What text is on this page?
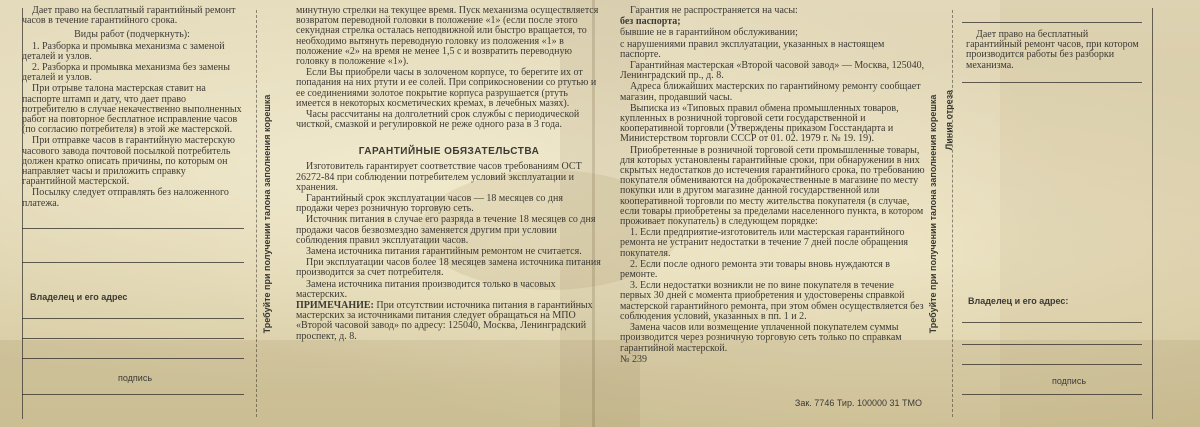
Дает право на бесплатный гарантийный ремонт часов в течение гарантийного срока.

Виды работ (подчеркнуть):

1. Разборка и промывка механизма с заменой деталей и узлов.

2. Разборка и промывка механизма без замены деталей и узлов.

При отрыве талона мастерская ставит на паспорте штамп и дату, что дает право потребителю в случае некачественно выполненных работ на повторное бесплатное исправление часов (по согласию потребителя) в этой же мастерской.

При отправке часов в гарантийную мастерскую часового завода почтовой посылкой потребитель должен кратко описать причины, по которым он направляет часы и приложить справку гарантийной мастерской.

Посылку следует отправлять без наложенного платежа.

Владелец и его адрес
подпись
Требуйте при получении талона заполнения корешка

минутную стрелки на текущее время. Пуск механизма осуществляется возвратом переводной головки в положение «1» (если после этого секундная стрелка осталась неподвижной или быстро вращается, то необходимо вытянуть переводную головку из положения «1» в положение «2» на время не менее 1,5 с и возвратить переводную головку в положение «1»).

Если Вы приобрели часы в золоченом корпусе, то берегите их от попадания на них ртути и ее солей. При соприкосновении со ртутью и ее соединениями золотое покрытие корпуса разрушается (ртуть имеется в некоторых косметических кремах, в лечебных мазях).

Часы рассчитаны на долголетний срок службы с периодической чисткой, смазкой и регулировкой не реже одного раза в 3 года.

ГАРАНТИЙНЫЕ ОБЯЗАТЕЛЬСТВА

Изготовитель гарантирует соответствие часов требованиям ОСТ 26272-84 при соблюдении потребителем условий эксплуатации и хранения.

Гарантийный срок эксплуатации часов — 18 месяцев со дня продажи через розничную торговую сеть.

Источник питания в случае его разряда в течение 18 месяцев со дня продажи часов безвозмездно заменяется другим при условии соблюдения правил эксплуатации часов.

Замена источника питания гарантийным ремонтом не считается.

При эксплуатации часов более 18 месяцев замена источника питания производится за счет потребителя.

Замена источника питания производится только в часовых мастерских.

ПРИМЕЧАНИЕ: При отсутствии источника питания в гарантийных мастерских за источниками питания следует обращаться на МПО «Второй часовой завод» по адресу: 125040, Москва, Ленинградский проспект, д. 8.

Гарантия не распространяется на часы:

без паспорта;

бывшие не в гарантийном обслуживании;

с нарушениями правил эксплуатации, указанных в настоящем паспорте.

Гарантийная мастерская «Второй часовой завод» — Москва, 125040, Ленинградский пр., д. 8.

Адреса ближайших мастерских по гарантийному ремонту сообщает магазин, продавший часы.

Выписка из «Типовых правил обмена промышленных товаров, купленных в розничной торговой сети государственной и кооперативной торговли (Утверждены приказом Госстандарта и Министерством торговли СССР от 01. 02. 1979 г. № 19. 19).

Приобретенные в розничной торговой сети промышленные товары, для которых установлены гарантийные сроки, при обнаружении в них скрытых недостатков до истечения гарантийного срока, по требованию покупателя обмениваются на доброкачественные в магазине по месту покупки или в другом магазине данной государственной или кооперативной торговли по месту жительства покупателя (в случае, если товары приобретены за пределами населенного пункта, в котором проживает покупатель) в следующем порядке:

1. Если предприятие-изготовитель или мастерская гарантийного ремонта не устранит недостатки в течение 7 дней после обращения покупателя.

2. Если после одного ремонта эти товары вновь нуждаются в ремонте.

3. Если недостатки возникли не по вине покупателя в течение первых 30 дней с момента приобретения и удостоверены справкой мастерской гарантийного ремонта, при этом обмен осуществляется без соблюдения условий, указанных в пп. 1 и 2.

Замена часов или возмещение уплаченной покупателем суммы производится через розничную торговую сеть только по справкам гарантийной мастерской.

№ 239

Зак. 7746 Тир. 100000 31 ТМО
Требуйте при получении талона заполнения корешка Линия отреза

Дает право на бесплатный гарантийный ремонт часов, при котором производится работы без разборки механизма.

Владелец и его адрес:
подпись
